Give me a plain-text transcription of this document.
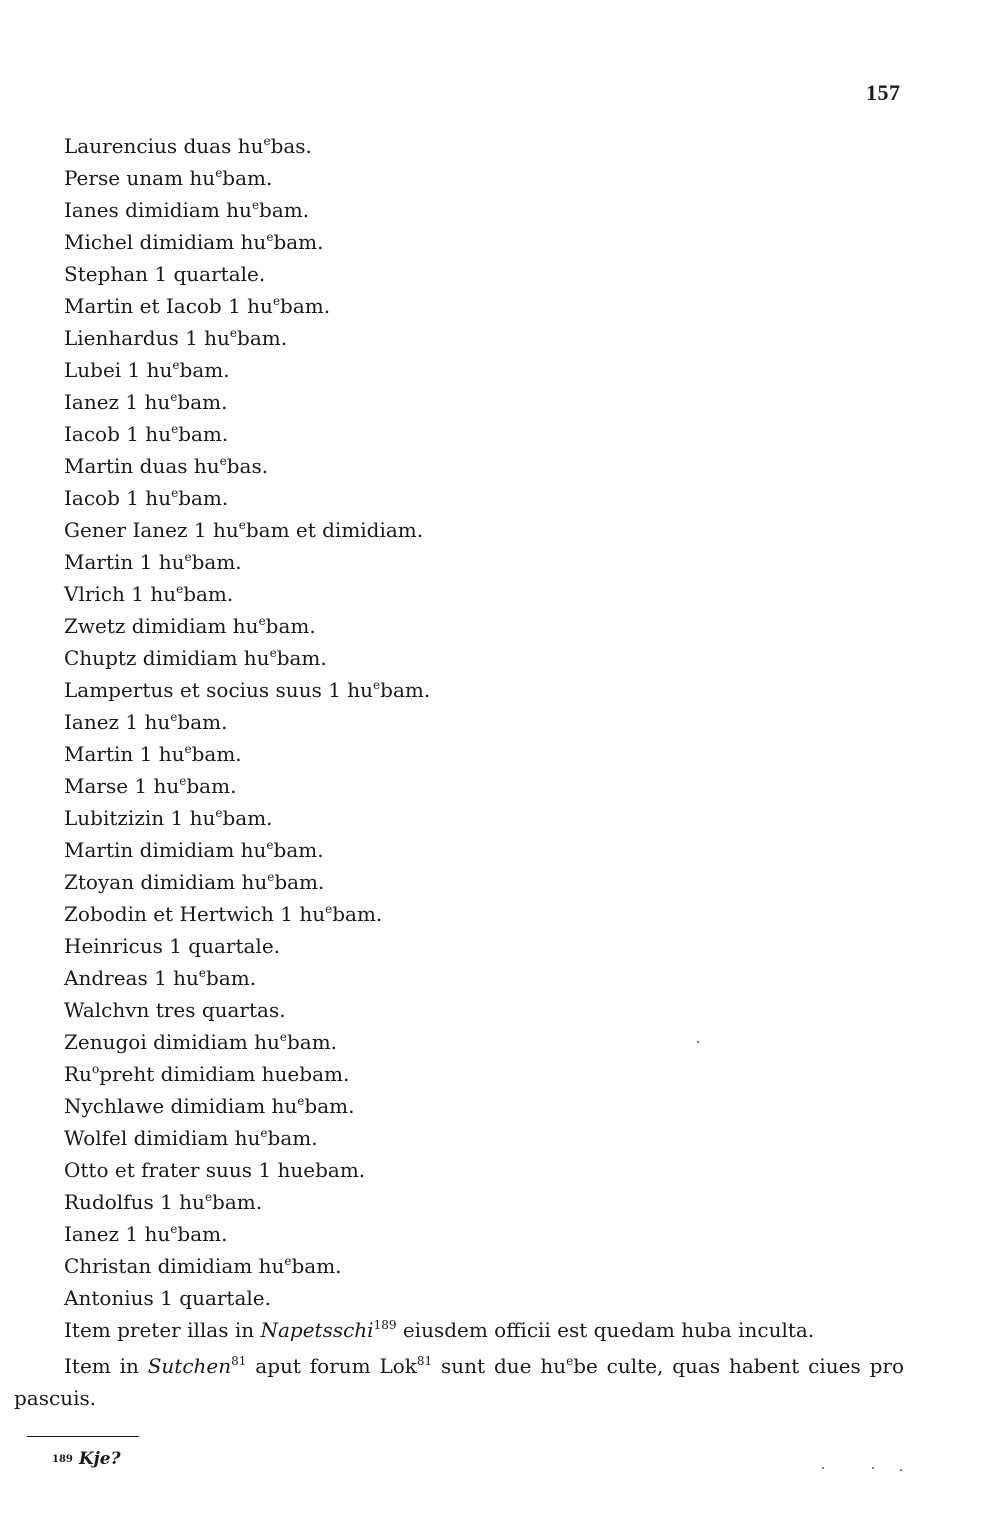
157
Laurencius duas $hu^ebas$.
Perse unam $hu^ebam$.
Ianes dimidiam $hu^ebam$.
Michel dimidiam $hu^ebam$.
Stephan 1 quartale.
Martin et Iacob 1 $hu^ebam$.
Lienhardus 1 $hu^ebam$.
Lubei 1 $hu^ebam$.
Ianez 1 $hu^ebam$.
Iacob 1 $hu^ebam$.
Martin duas $hu^ebas$.
Iacob 1 $hu^ebam$.
Gener Ianez 1 $hu^ebam$ et dimidiam.
Martin 1 $hu^ebam$.
Vlrich 1 $hu^ebam$.
Zwetz dimidiam $hu^ebam$.
Chuptz dimidiam $hu^ebam$.
Lampertus et socius suus 1 $hu^ebam$.
Ianez 1 $hu^ebam$.
Martin 1 $hu^ebam$.
Marse 1 $hu^ebam$.
Lubitzizin 1 $hu^ebam$.
Martin dimidiam $hu^ebam$.
Ztoyan dimidiam $hu^ebam$.
Zobodin et Hertwich 1 $hu^ebam$.
Heinricus 1 quartale.
Andreas 1 $hu^ebam$.
Walchvn tres quartas.
Zenugoi dimidiam $hu^ebam$.
Ru$^o$preht dimidiam huebam.
Nychlawe dimidiam $hu^ebam$.
Wolfel dimidiam $hu^ebam$.
Otto et frater suus 1 huebam.
Rudolfus 1 $hu^ebam$.
Ianez 1 $hu^ebam$.
Christan dimidiam $hu^ebam$.
Antonius 1 quartale.

Item preter illas in Napetsschi$^{189}$ eiusdem officii est quedam huba inculta.

Item in Sutchen$^{81}$ aput forum Lok$^{81}$ sunt due $hu^ebe$ culte, quas habent ciues pro pascuis.

189 Kje?
